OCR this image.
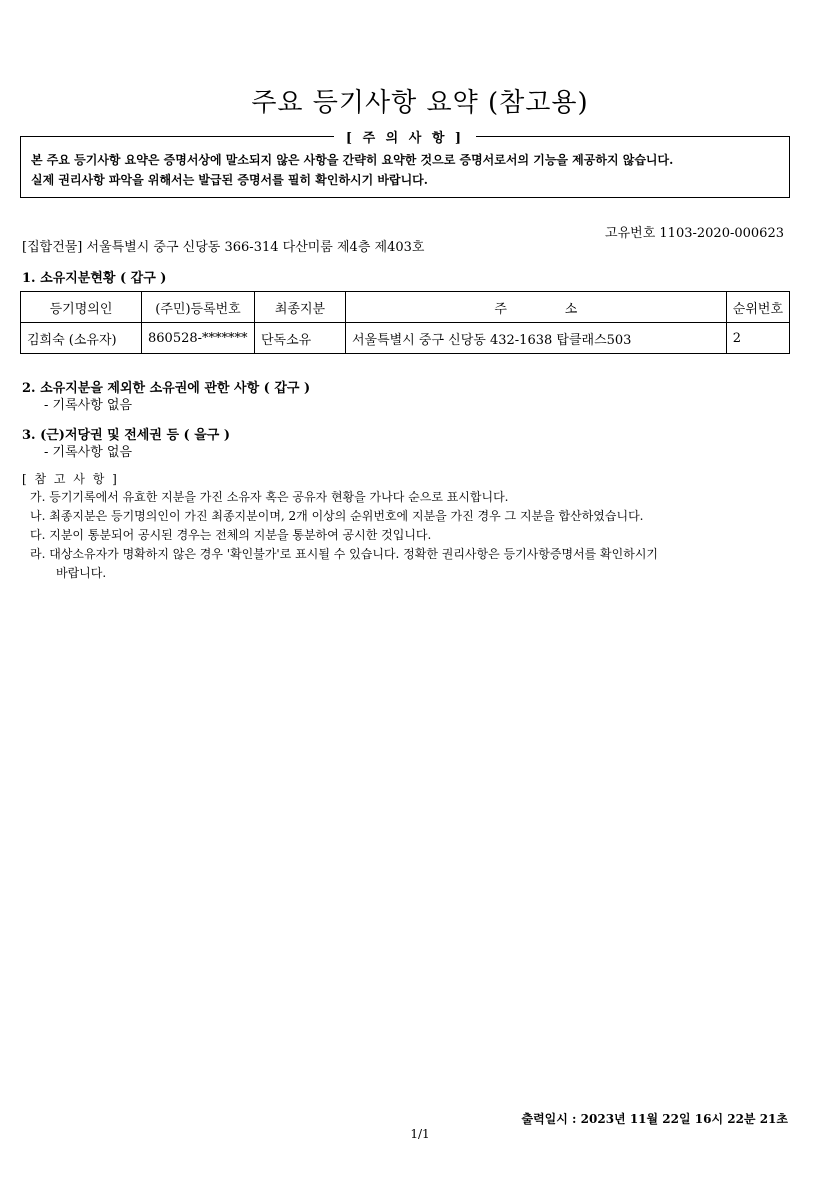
주요 등기사항 요약 (참고용)
[ 주 의 사 항 ]
본 주요 등기사항 요약은 증명서상에 말소되지 않은 사항을 간략히 요약한 것으로 증명서로서의 기능을 제공하지 않습니다.
실제 권리사항 파악을 위해서는 발급된 증명서를 필히 확인하시기 바랍니다.
고유번호 1103-2020-000623
[집합건물] 서울특별시 중구 신당동 366-314 다산미룸 제4층 제403호
1. 소유지분현황 ( 갑구 )
등기명의인	(주민)등록번호	최종지분	주              소	순위번호
김희숙 (소유자)	860528-*******	단독소유	서울특별시 중구 신당동 432-1638 탑클래스503	2
2. 소유지분을 제외한 소유권에 관한 사항 ( 갑구 )
- 기록사항 없음
3. (근)저당권 및 전세권 등 ( 을구 )
- 기록사항 없음
[ 참 고 사 항 ]
가. 등기기록에서 유효한 지분을 가진 소유자 혹은 공유자 현황을 가나다 순으로 표시합니다.
나. 최종지분은 등기명의인이 가진 최종지분이며, 2개 이상의 순위번호에 지분을 가진 경우 그 지분을 합산하였습니다.
다. 지분이 통분되어 공시된 경우는 전체의 지분을 통분하여 공시한 것입니다.
라. 대상소유자가 명확하지 않은 경우 '확인불가'로 표시될 수 있습니다. 정확한 권리사항은 등기사항증명서를 확인하시기
바랍니다.
출력일시 : 2023년 11월 22일 16시 22분 21초
1/1
